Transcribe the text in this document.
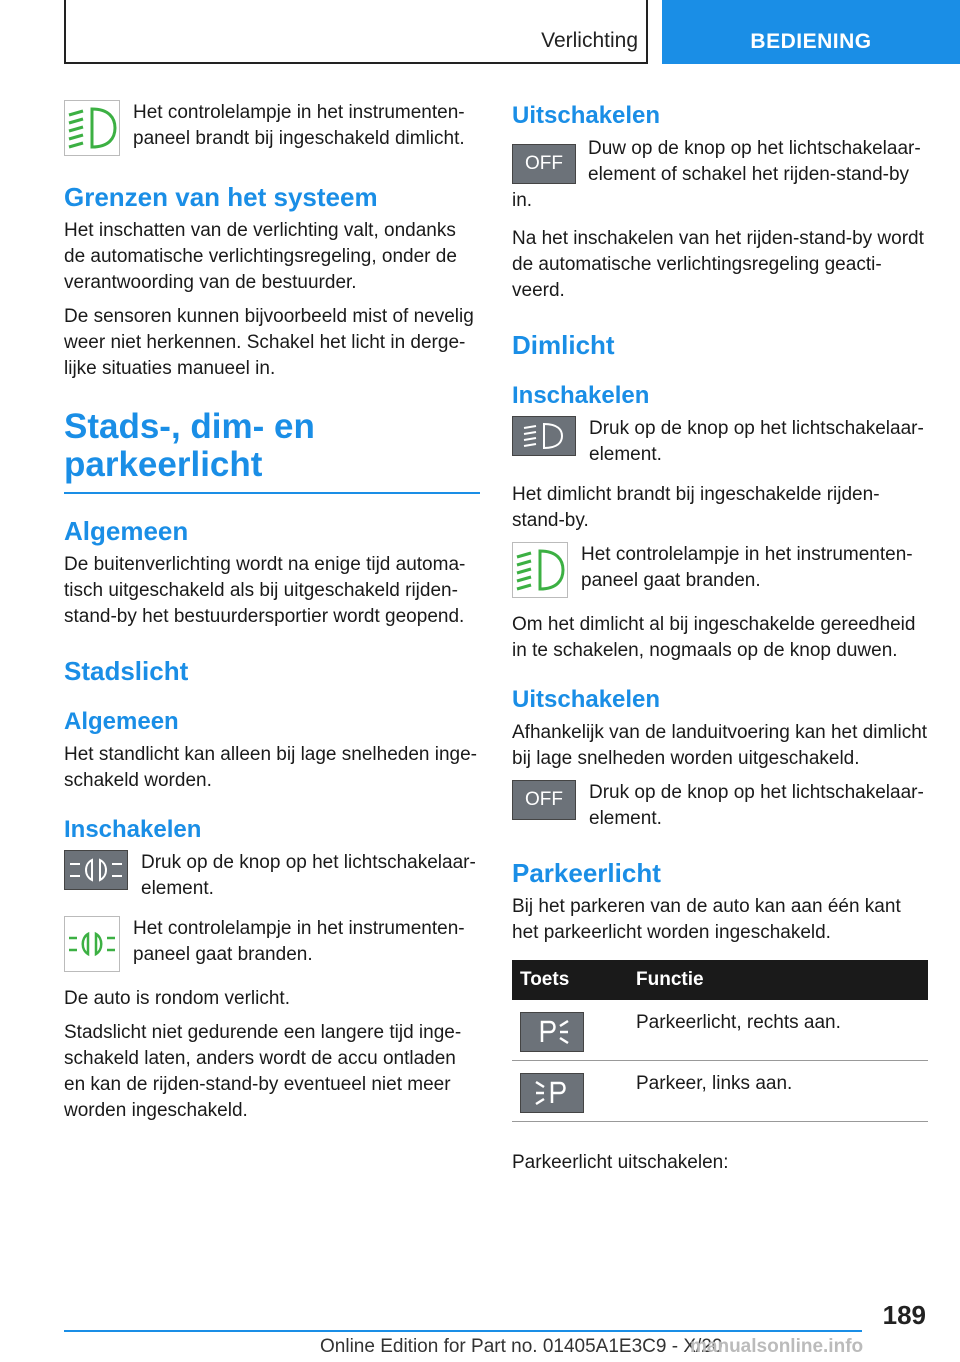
Verlichting	BEDIENING
Het controlelampje in het instrumenten-paneel brandt bij ingeschakeld dimlicht.
Grenzen van het systeem

Het inschatten van de verlichting valt, ondanks de automatische verlichtingsregeling, onder de verantwoording van de bestuurder.

De sensoren kunnen bijvoorbeeld mist of nevelig weer niet herkennen. Schakel het licht in derge-lijke situaties manueel in.

Stads-, dim- en parkeerlicht
Algemeen

De buitenverlichting wordt na enige tijd automa-tisch uitgeschakeld als bij uitgeschakeld rijden-stand-by het bestuurdersportier wordt geopend.

Stadslicht
Algemeen

Het standlicht kan alleen bij lage snelheden inge-schakeld worden.

Inschakelen
Druk op de knop op het lichtschakelaar-element.
Het controlelampje in het instrumenten-paneel gaat branden.

De auto is rondom verlicht.

Stadslicht niet gedurende een langere tijd inge-schakeld laten, anders wordt de accu ontladen en kan de rijden-stand-by eventueel niet meer worden ingeschakeld.

Uitschakelen
OFF
Duw op de knop op het lichtschakelaar-element of schakel het rijden-stand-by in.

Na het inschakelen van het rijden-stand-by wordt de automatische verlichtingsregeling geacti-veerd.

Dimlicht
Inschakelen
Druk op de knop op het lichtschakelaar-element.

Het dimlicht brandt bij ingeschakelde rijden-stand-by.

Het controlelampje in het instrumenten-paneel gaat branden.

Om het dimlicht al bij ingeschakelde gereedheid in te schakelen, nogmaals op de knop duwen.

Uitschakelen

Afhankelijk van de landuitvoering kan het dimlicht bij lage snelheden worden uitgeschakeld.

OFF	Druk op de knop op het lichtschakelaar-element.
Parkeerlicht

Bij het parkeren van de auto kan aan één kant het parkeerlicht worden ingeschakeld.

Toets	Functie

	Parkeerlicht, rechts aan.

	Parkeer, links aan.

Parkeerlicht uitschakelen:

189
Online Edition for Part no. 01405A1E3C9 - X/20
manualsonline.info
